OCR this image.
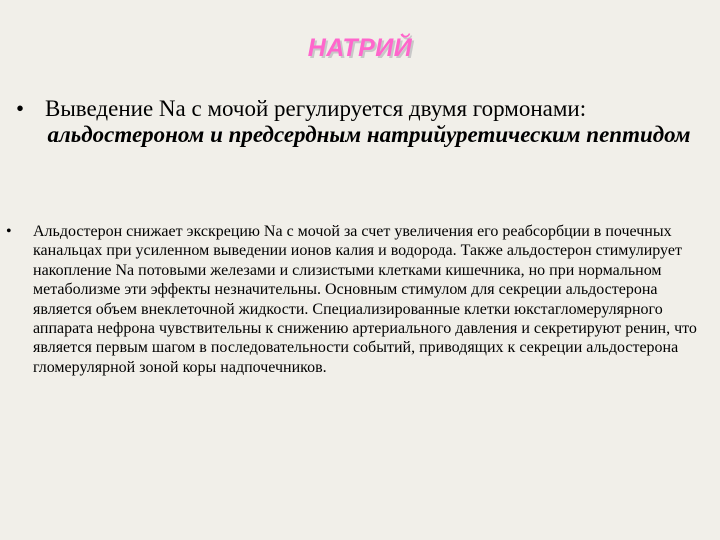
НАТРИЙ
• Выведение Na с мочой регулируется двумя гормонами:
альдостероном и предсердным натрийуретическим пептидом
•	Альдостерон снижает экскрецию Na с мочой за счет увеличения его реабсорбции в почечных канальцах при усиленном выведении ионов калия и водорода. Также альдостерон стимулирует накопление Na потовыми железами и слизистыми клетками кишечника, но при нормальном метаболизме эти эффекты незначительны. Основным стимулом для секреции альдостерона является объем внеклеточной жидкости. Специализированные клетки юкстагломерулярного аппарата нефрона чувствительны к снижению артериального давления и секретируют ренин, что является первым шагом в последовательности событий, приводящих к секреции альдостерона гломерулярной зоной коры надпочечников.
